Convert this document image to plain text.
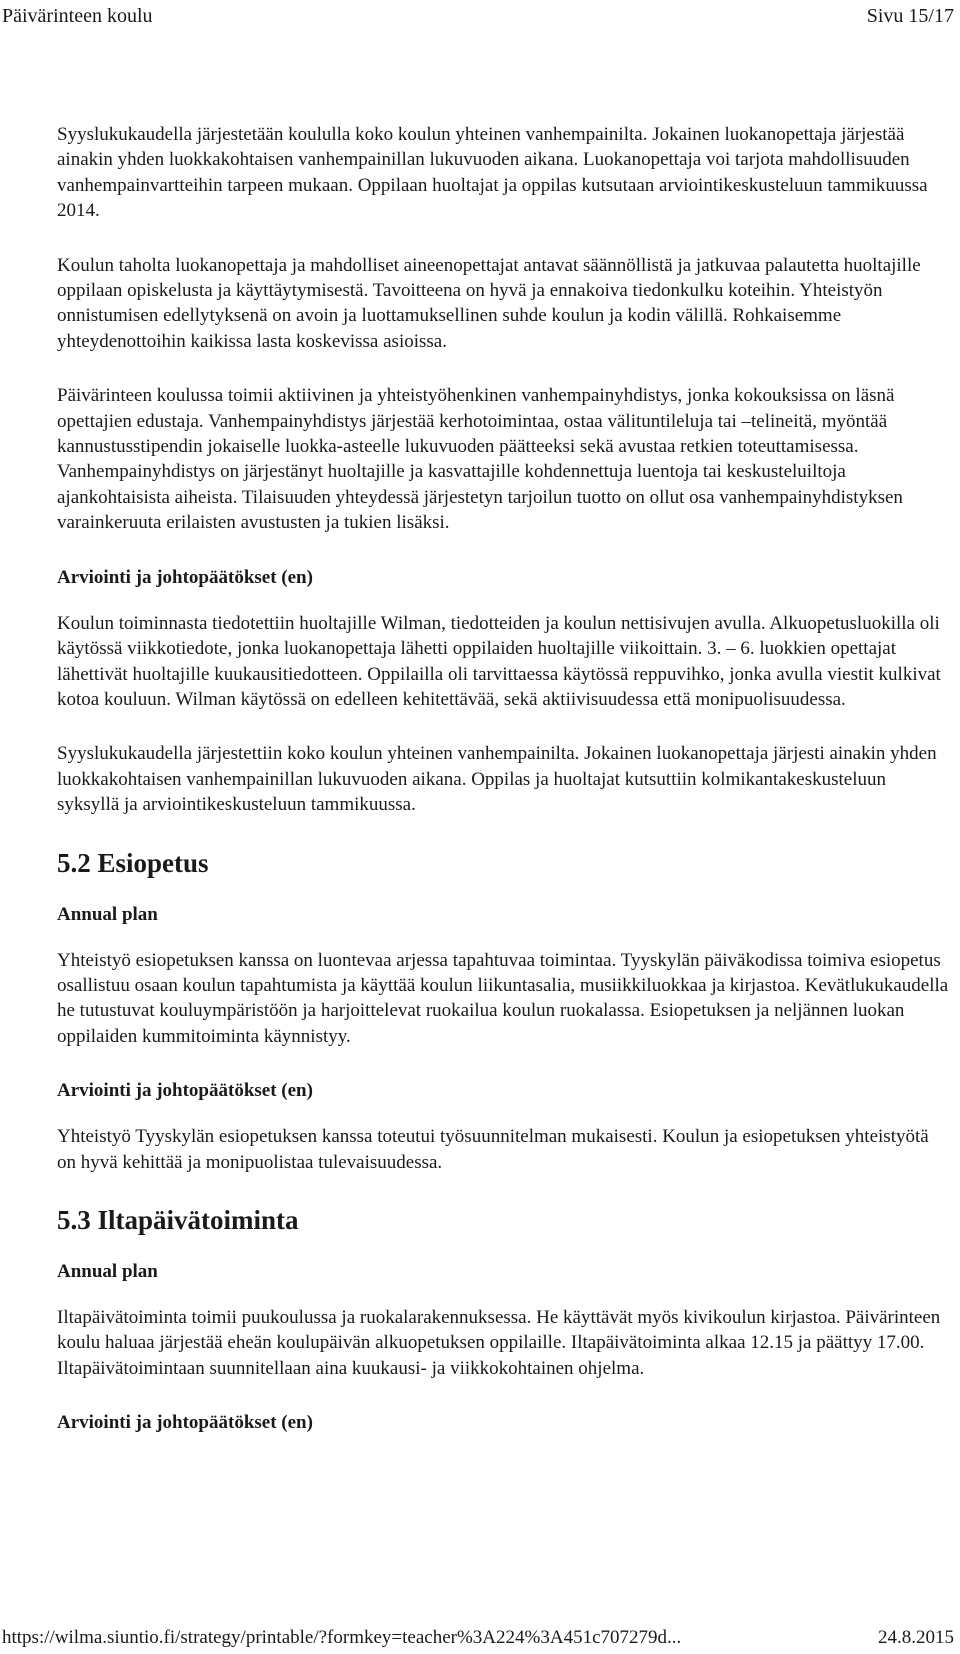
Päivärinteen koulu	Sivu 15/17

Syyslukukaudella järjestetään koululla koko koulun yhteinen vanhempainilta. Jokainen luokanopettaja järjestää ainakin yhden luokkakohtaisen vanhempainillan lukuvuoden aikana. Luokanopettaja voi tarjota mahdollisuuden vanhempainvartteihin tarpeen mukaan. Oppilaan huoltajat ja oppilas kutsutaan arviointikeskusteluun tammikuussa 2014.

Koulun taholta luokanopettaja ja mahdolliset aineenopettajat antavat säännöllistä ja jatkuvaa palautetta huoltajille oppilaan opiskelusta ja käyttäytymisestä. Tavoitteena on hyvä ja ennakoiva tiedonkulku koteihin. Yhteistyön onnistumisen edellytyksenä on avoin ja luottamuksellinen suhde koulun ja kodin välillä. Rohkaisemme yhteydenottoihin kaikissa lasta koskevissa asioissa.

Päivärinteen koulussa toimii aktiivinen ja yhteistyöhenkinen vanhempainyhdistys, jonka kokouksissa on läsnä opettajien edustaja. Vanhempainyhdistys järjestää kerhotoimintaa, ostaa välituntileluja tai –telineitä, myöntää kannustusstipendin jokaiselle luokka-asteelle lukuvuoden päätteeksi sekä avustaa retkien toteuttamisessa. Vanhempainyhdistys on järjestänyt huoltajille ja kasvattajille kohdennettuja luentoja tai keskusteluiltoja ajankohtaisista aiheista. Tilaisuuden yhteydessä järjestetyn tarjoilun tuotto on ollut osa vanhempainyhdistyksen varainkeruuta erilaisten avustusten ja tukien lisäksi.

Arviointi ja johtopäätökset (en)

Koulun toiminnasta tiedotettiin huoltajille Wilman, tiedotteiden ja koulun nettisivujen avulla. Alkuopetusluokilla oli käytössä viikkotiedote, jonka luokanopettaja lähetti oppilaiden huoltajille viikoittain. 3. – 6. luokkien opettajat lähettivät huoltajille kuukausitiedotteen. Oppilailla oli tarvittaessa käytössä reppuvihko, jonka avulla viestit kulkivat kotoa kouluun. Wilman käytössä on edelleen kehitettävää, sekä aktiivisuudessa että monipuolisuudessa.

Syyslukukaudella järjestettiin koko koulun yhteinen vanhempainilta. Jokainen luokanopettaja järjesti ainakin yhden luokkakohtaisen vanhempainillan lukuvuoden aikana. Oppilas ja huoltajat kutsuttiin kolmikantakeskusteluun syksyllä ja arviointikeskusteluun tammikuussa.

5.2 Esiopetus
Annual plan

Yhteistyö esiopetuksen kanssa on luontevaa arjessa tapahtuvaa toimintaa. Tyyskylän päiväkodissa toimiva esiopetus osallistuu osaan koulun tapahtumista ja käyttää koulun liikuntasalia, musiikkiluokkaa ja kirjastoa. Kevätlukukaudella he tutustuvat kouluympäristöön ja harjoittelevat ruokailua koulun ruokalassa. Esiopetuksen ja neljännen luokan oppilaiden kummitoiminta käynnistyy.

Arviointi ja johtopäätökset (en)

Yhteistyö Tyyskylän esiopetuksen kanssa toteutui työsuunnitelman mukaisesti. Koulun ja esiopetuksen yhteistyötä on hyvä kehittää ja monipuolistaa tulevaisuudessa.

5.3 Iltapäivätoiminta
Annual plan

Iltapäivätoiminta toimii puukoulussa ja ruokalarakennuksessa. He käyttävät myös kivikoulun kirjastoa. Päivärinteen koulu haluaa järjestää eheän koulupäivän alkuopetuksen oppilaille. Iltapäivätoiminta alkaa 12.15 ja päättyy 17.00. Iltapäivätoimintaan suunnitellaan aina kuukausi- ja viikkokohtainen ohjelma.

Arviointi ja johtopäätökset (en)
https://wilma.siuntio.fi/strategy/printable/?formkey=teacher%3A224%3A451c707279d...	24.8.2015
